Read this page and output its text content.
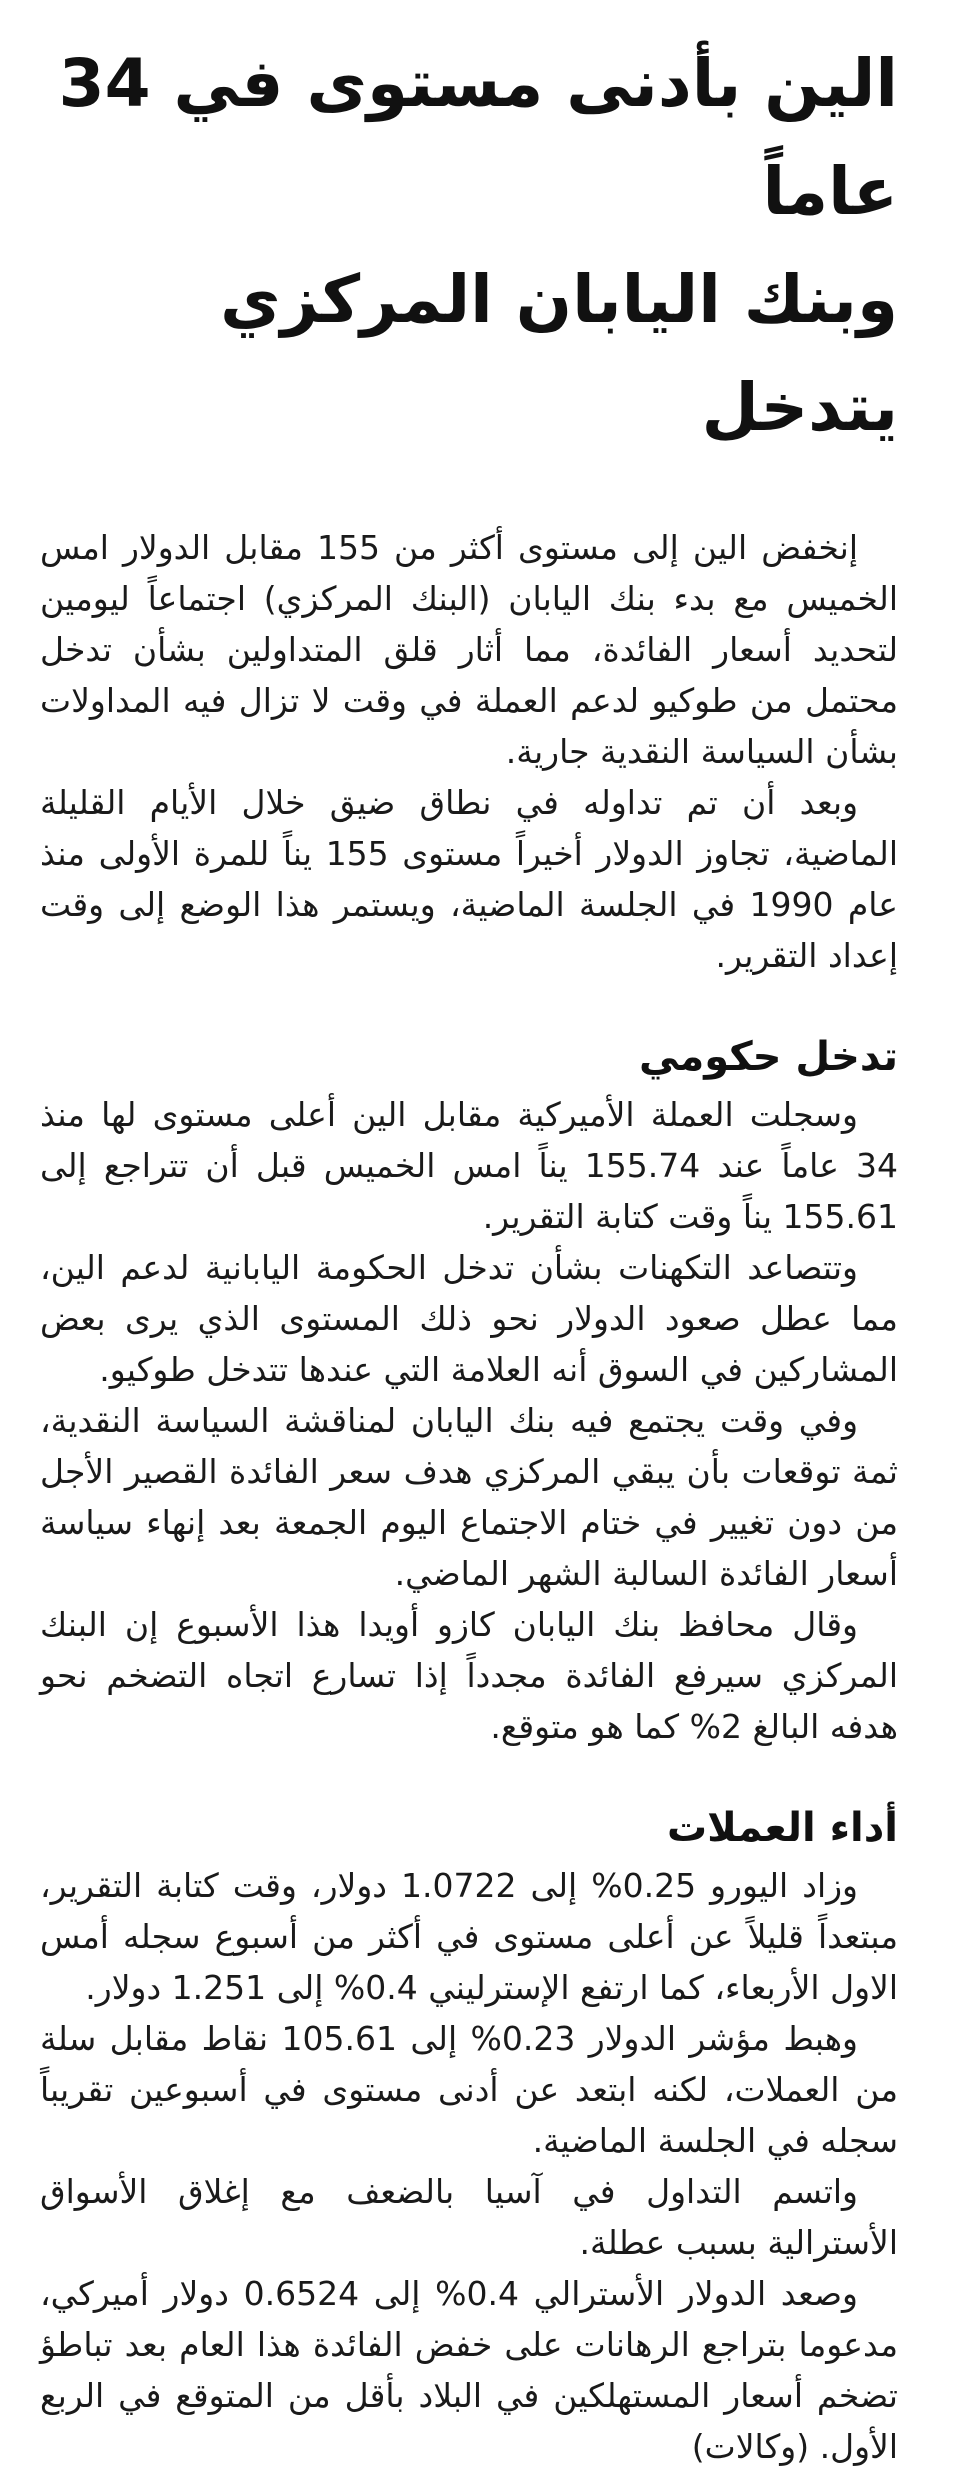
الين بأدنى مستوى في 34 عاماً
وبنك اليابان المركزي يتدخل

إنخفض الين إلى مستوى أكثر من 155 مقابل الدولار امس الخميس مع بدء بنك اليابان (البنك المركزي) اجتماعاً ليومين لتحديد أسعار الفائدة، مما أثار قلق المتداولين بشأن تدخل محتمل من طوكيو لدعم العملة في وقت لا تزال فيه المداولات بشأن السياسة النقدية جارية.

وبعد أن تم تداوله في نطاق ضيق خلال الأيام القليلة الماضية، تجاوز الدولار أخيراً مستوى 155 يناً للمرة الأولى منذ عام 1990 في الجلسة الماضية، ويستمر هذا الوضع إلى وقت إعداد التقرير.

تدخل حكومي

وسجلت العملة الأميركية مقابل الين أعلى مستوى لها منذ 34 عاماً عند 155.74 يناً امس الخميس قبل أن تتراجع إلى 155.61 يناً وقت كتابة التقرير.

وتتصاعد التكهنات بشأن تدخل الحكومة اليابانية لدعم الين، مما عطل صعود الدولار نحو ذلك المستوى الذي يرى بعض المشاركين في السوق أنه العلامة التي عندها تتدخل طوكيو.

وفي وقت يجتمع فيه بنك اليابان لمناقشة السياسة النقدية، ثمة توقعات بأن يبقي المركزي هدف سعر الفائدة القصير الأجل من دون تغيير في ختام الاجتماع اليوم الجمعة بعد إنهاء سياسة أسعار الفائدة السالبة الشهر الماضي.

وقال محافظ بنك اليابان كازو أويدا هذا الأسبوع إن البنك المركزي سيرفع الفائدة مجدداً إذا تسارع اتجاه التضخم نحو هدفه البالغ 2% كما هو متوقع.

أداء العملات

وزاد اليورو 0.25% إلى 1.0722 دولار، وقت كتابة التقرير، مبتعداً قليلاً عن أعلى مستوى في أكثر من أسبوع سجله أمس الاول الأربعاء، كما ارتفع الإسترليني 0.4% إلى 1.251 دولار.

وهبط مؤشر الدولار 0.23% إلى 105.61 نقاط مقابل سلة من العملات، لكنه ابتعد عن أدنى مستوى في أسبوعين تقريباً سجله في الجلسة الماضية.

واتسم التداول في آسيا بالضعف مع إغلاق الأسواق الأسترالية بسبب عطلة.

وصعد الدولار الأسترالي 0.4% إلى 0.6524 دولار أميركي، مدعوما بتراجع الرهانات على خفض الفائدة هذا العام بعد تباطؤ تضخم أسعار المستهلكين في البلاد بأقل من المتوقع في الربع الأول. (وكالات)
